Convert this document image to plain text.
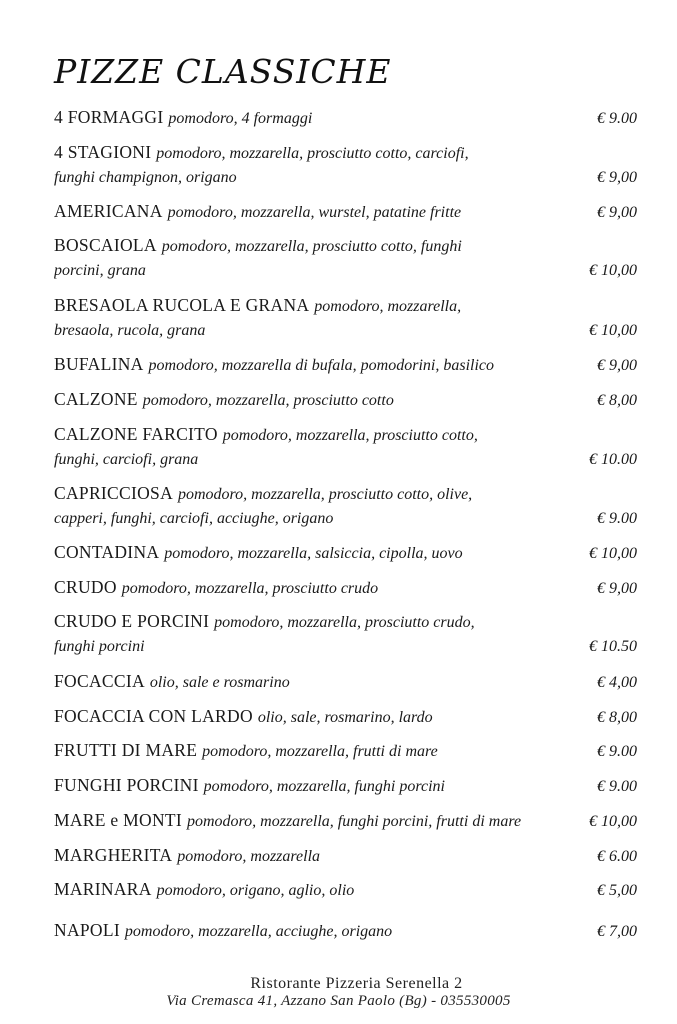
PIZZE CLASSICHE
4 FORMAGGI pomodoro, 4 formaggi	€ 9.00
4 STAGIONI pomodoro, mozzarella, prosciutto cotto, carciofi,
funghi champignon, origano	€ 9,00
AMERICANA pomodoro, mozzarella, wurstel, patatine fritte	€ 9,00
BOSCAIOLA pomodoro, mozzarella, prosciutto cotto, funghi
porcini, grana	€ 10,00
BRESAOLA RUCOLA E GRANA pomodoro, mozzarella,
bresaola, rucola, grana	€ 10,00
BUFALINA pomodoro, mozzarella di bufala, pomodorini, basilico	€ 9,00
CALZONE pomodoro, mozzarella, prosciutto cotto	€ 8,00
CALZONE FARCITO pomodoro, mozzarella, prosciutto cotto,
funghi, carciofi, grana	€ 10.00
CAPRICCIOSA pomodoro, mozzarella, prosciutto cotto, olive,
capperi, funghi, carciofi, acciughe, origano	€ 9.00
CONTADINA pomodoro, mozzarella, salsiccia, cipolla, uovo	€ 10,00
CRUDO pomodoro, mozzarella, prosciutto crudo	€ 9,00
CRUDO E PORCINI pomodoro, mozzarella, prosciutto crudo,
funghi porcini	€ 10.50
FOCACCIA olio, sale e rosmarino	€ 4,00
FOCACCIA CON LARDO olio, sale, rosmarino, lardo	€ 8,00
FRUTTI DI MARE pomodoro, mozzarella, frutti di mare	€ 9.00
FUNGHI PORCINI pomodoro, mozzarella, funghi porcini	€ 9.00
MARE e MONTI pomodoro, mozzarella, funghi porcini, frutti di mare	€ 10,00
MARGHERITA pomodoro, mozzarella	€ 6.00
MARINARA pomodoro, origano, aglio, olio	€ 5,00
NAPOLI pomodoro, mozzarella, acciughe, origano	€ 7,00
Ristorante Pizzeria Serenella 2
Via Cremasca 41, Azzano San Paolo (Bg) - 035530005
